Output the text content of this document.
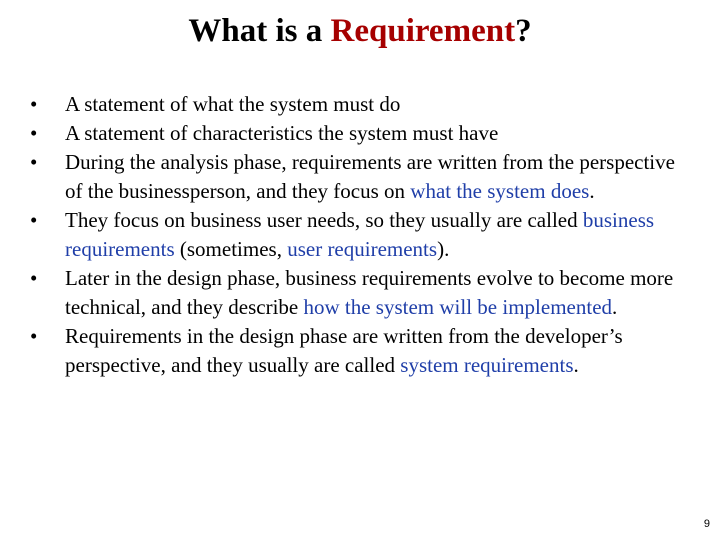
What is a Requirement?
•	A statement of what the system must do
•	A statement of characteristics the system must have
•	During the analysis phase, requirements are written from the perspective of the businessperson, and they focus on what the system does.
•	They focus on business user needs, so they usually are called business requirements (sometimes, user requirements).
•	Later in the design phase, business requirements evolve to become more technical, and they describe how the system will be implemented.
•	Requirements in the design phase are written from the developer’s perspective, and they usually are called system requirements.
9
